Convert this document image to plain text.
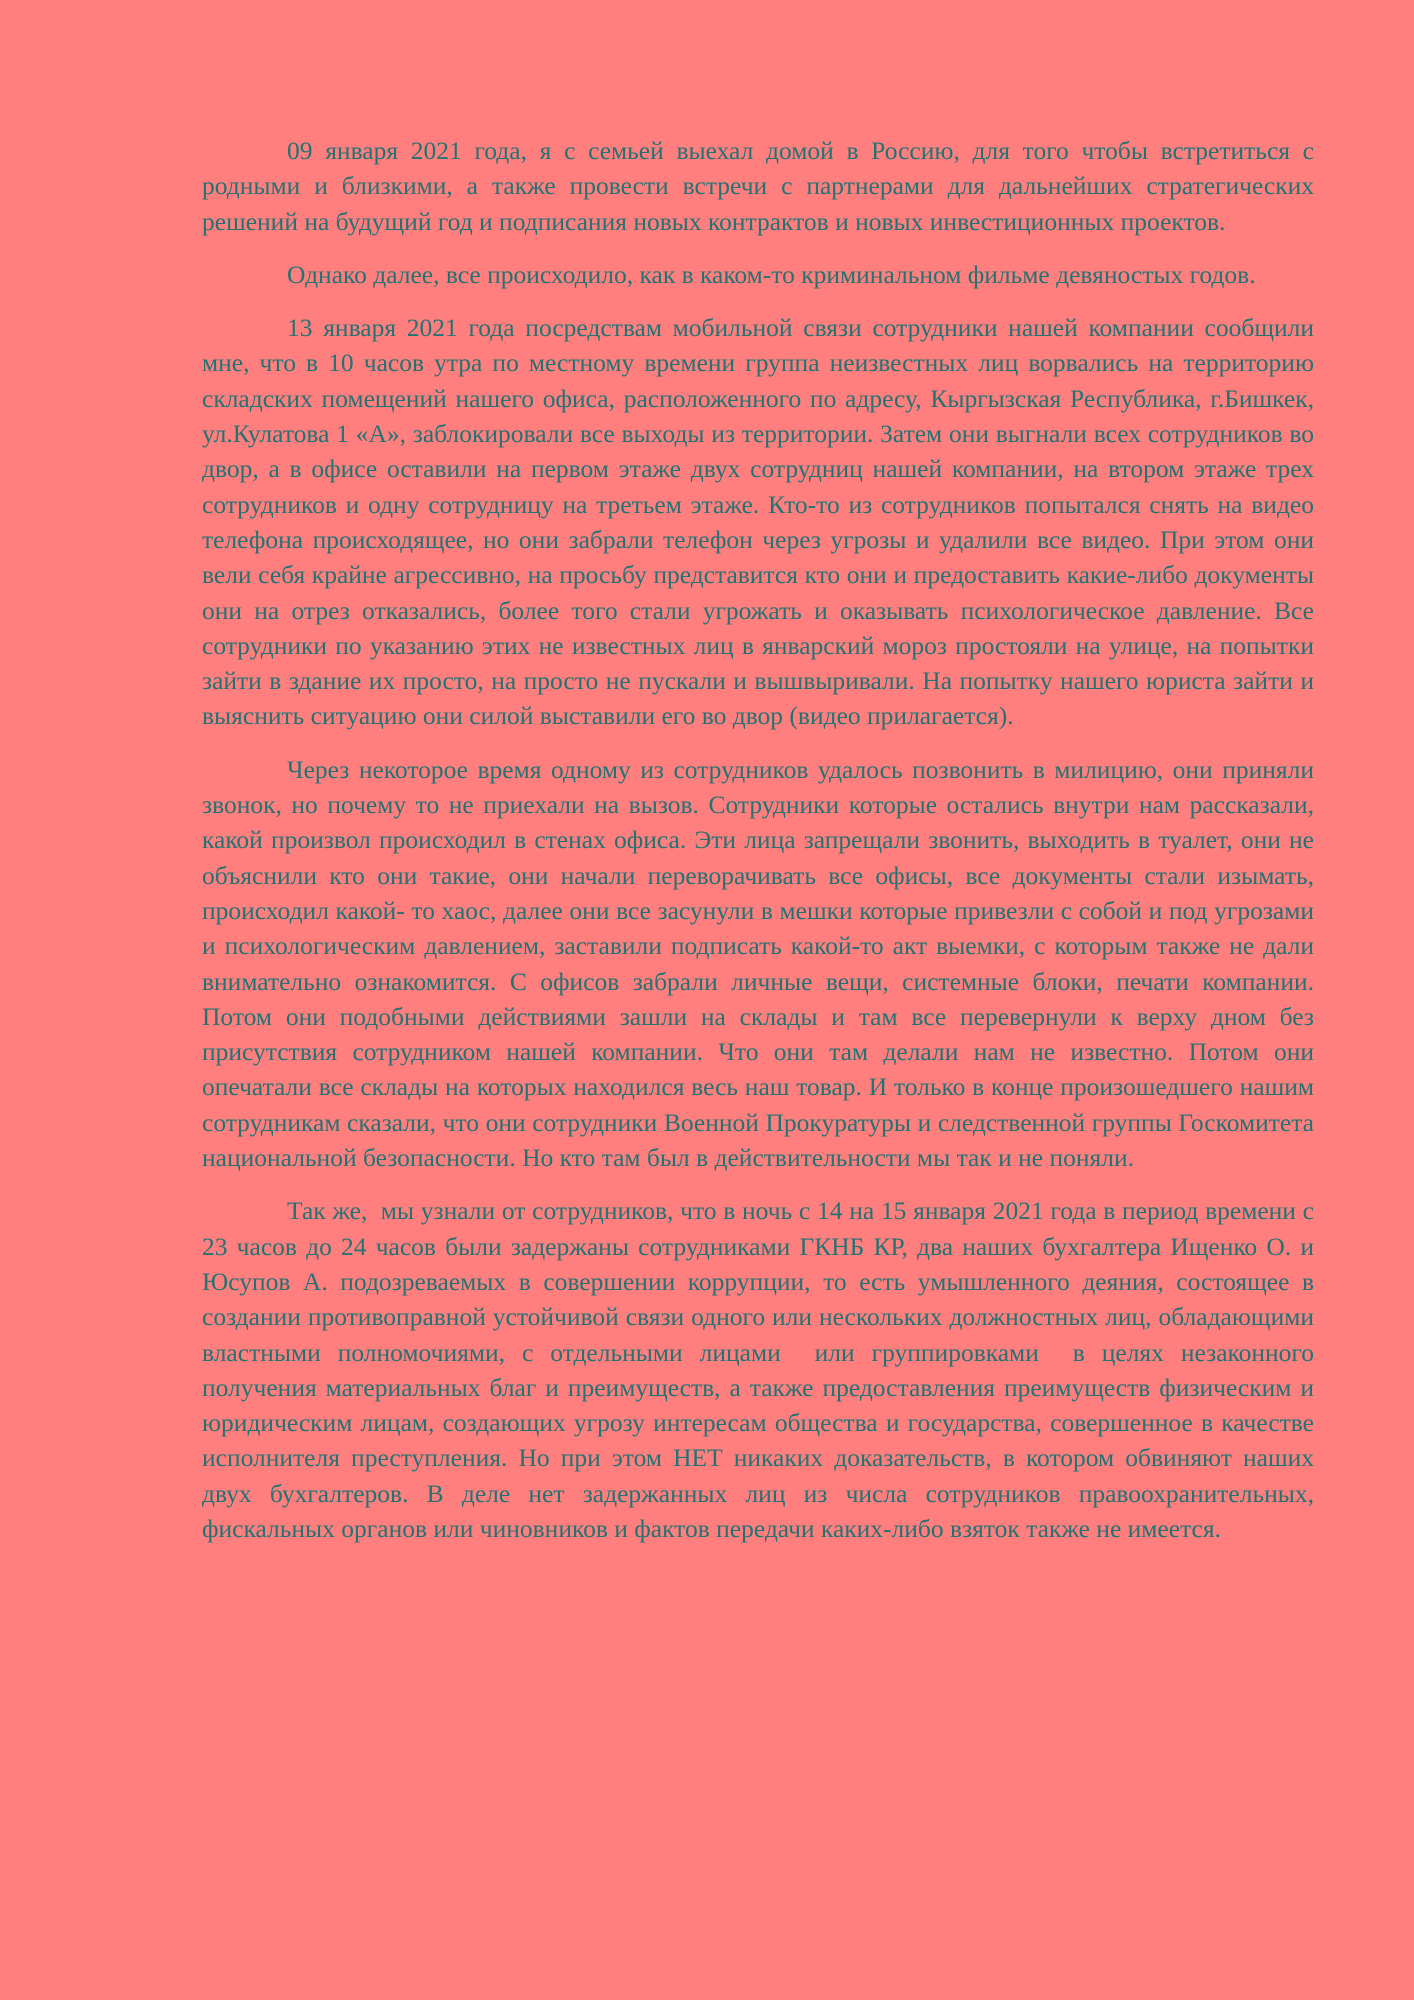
09 января 2021 года, я с семьей выехал домой в Россию, для того чтобы встретиться с родными и близкими, а также провести встречи с партнерами для дальнейших стратегических решений на будущий год и подписания новых контрактов и новых инвестиционных проектов.

Однако далее, все происходило, как в каком-то криминальном фильме девяностых годов.

13 января 2021 года посредствам мобильной связи сотрудники нашей компании сообщили мне, что в 10 часов утра по местному времени группа неизвестных лиц ворвались на территорию складских помещений нашего офиса, расположенного по адресу, Кыргызская Республика, г.Бишкек, ул.Кулатова 1 «А», заблокировали все выходы из территории. Затем они выгнали всех сотрудников во двор, а в офисе оставили на первом этаже двух сотрудниц нашей компании, на втором этаже трех сотрудников и одну сотрудницу на третьем этаже. Кто-то из сотрудников попытался снять на видео телефона происходящее, но они забрали телефон через угрозы и удалили все видео. При этом они вели себя крайне агрессивно, на просьбу представится кто они и предоставить какие-либо документы они на отрез отказались, более того стали угрожать и оказывать психологическое давление. Все сотрудники по указанию этих не известных лиц в январский мороз простояли на улице, на попытки зайти в здание их просто, на просто не пускали и вышвыривали. На попытку нашего юриста зайти и выяснить ситуацию они силой выставили его во двор (видео прилагается).

Через некоторое время одному из сотрудников удалось позвонить в милицию, они приняли звонок, но почему то не приехали на вызов. Сотрудники которые остались внутри нам рассказали, какой произвол происходил в стенах офиса. Эти лица запрещали звонить, выходить в туалет, они не объяснили кто они такие, они начали переворачивать все офисы, все документы стали изымать, происходил какой- то хаос, далее они все засунули в мешки которые привезли с собой и под угрозами и психологическим давлением, заставили подписать какой-то акт выемки, с которым также не дали внимательно ознакомится. С офисов забрали личные вещи, системные блоки, печати компании. Потом они подобными действиями зашли на склады и там все перевернули к верху дном без присутствия сотрудником нашей компании. Что они там делали нам не известно. Потом они опечатали все склады на которых находился весь наш товар. И только в конце произошедшего нашим сотрудникам сказали, что они сотрудники Военной Прокуратуры и следственной группы Госкомитета национальной безопасности. Но кто там был в действительности мы так и не поняли.

Так же,  мы узнали от сотрудников, что в ночь с 14 на 15 января 2021 года в период времени с 23 часов до 24 часов были задержаны сотрудниками ГКНБ КР, два наших бухгалтера Ищенко О. и Юсупов А. подозреваемых в совершении коррупции, то есть умышленного деяния, состоящее в создании противоправной устойчивой связи одного или нескольких должностных лиц, обладающими властными полномочиями, с отдельными лицами  или группировками  в целях незаконного получения материальных благ и преимуществ, а также предоставления преимуществ физическим и юридическим лицам, создающих угрозу интересам общества и государства, совершенное в качестве исполнителя преступления. Но при этом НЕТ никаких доказательств, в котором обвиняют наших двух бухгалтеров. В деле нет задержанных лиц из числа сотрудников правоохранительных, фискальных органов или чиновников и фактов передачи каких-либо взяток также не имеется.
